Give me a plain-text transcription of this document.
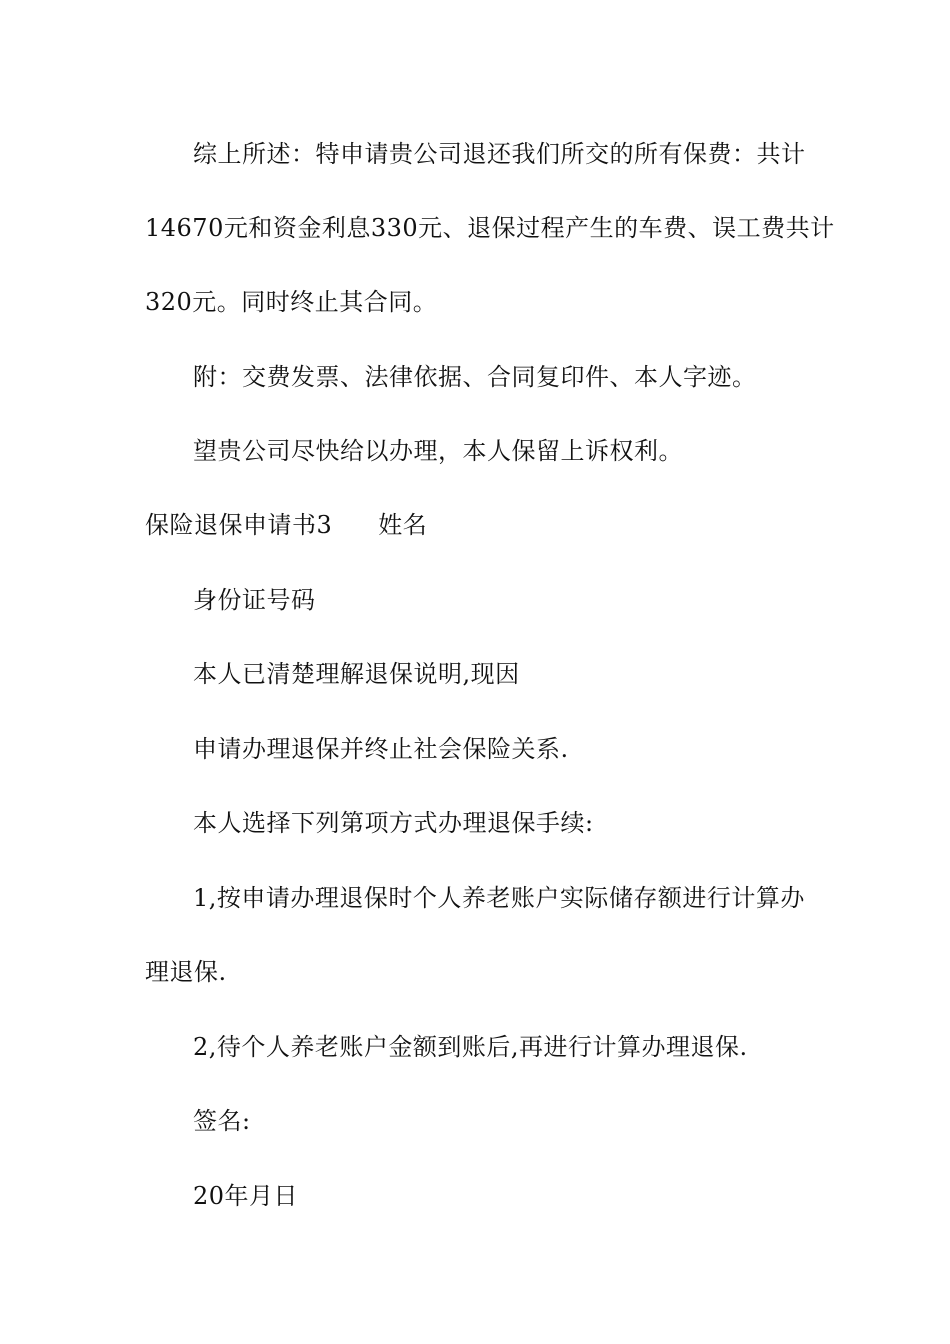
综上所述：特申请贵公司退还我们所交的所有保费：共计
14670元和资金利息330元、退保过程产生的车费、误工费共计
320元。同时终止其合同。
附：交费发票、法律依据、合同复印件、本人字迹。
望贵公司尽快给以办理，本人保留上诉权利。
保险退保申请书3 姓名
身份证号码
本人已清楚理解退保说明,现因
申请办理退保并终止社会保险关系.
本人选择下列第项方式办理退保手续:
1,按申请办理退保时个人养老账户实际储存额进行计算办
理退保.
2,待个人养老账户金额到账后,再进行计算办理退保.
签名:
20年月日
